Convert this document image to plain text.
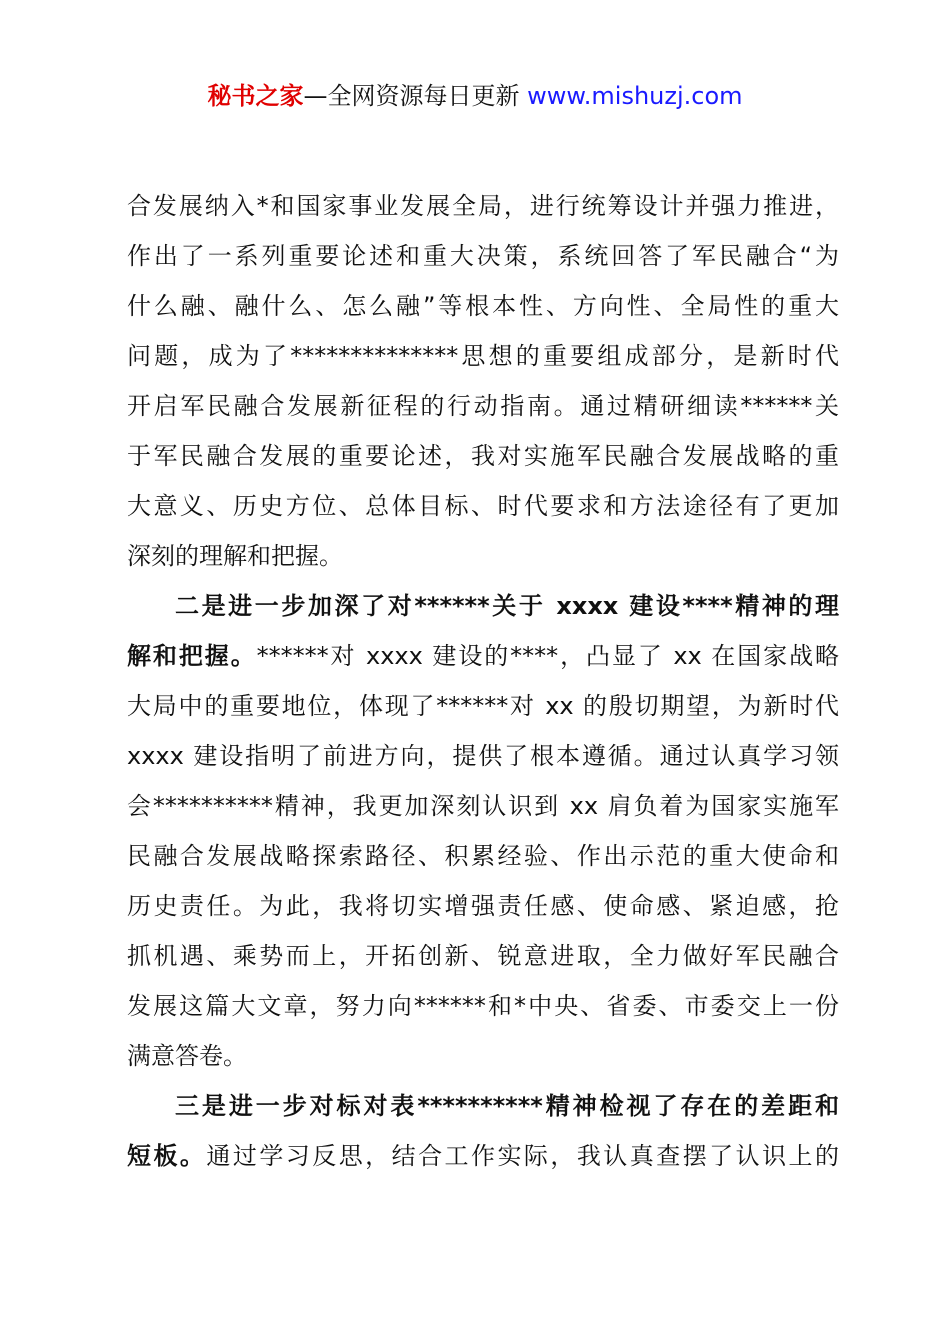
秘书之家—全网资源每日更新 www.mishuzj.com
合发展纳入*和国家事业发展全局，进行统筹设计并强力推进，
作出了一系列重要论述和重大决策，系统回答了军民融合“为
什么融、融什么、怎么融”等根本性、方向性、全局性的重大
问题，成为了**************思想的重要组成部分，是新时代
开启军民融合发展新征程的行动指南。通过精研细读******关
于军民融合发展的重要论述，我对实施军民融合发展战略的重
大意义、历史方位、总体目标、时代要求和方法途径有了更加
深刻的理解和把握。
二是进一步加深了对******关于 xxxx 建设****精神的理
解和把握。******对 xxxx 建设的****，凸显了 xx 在国家战略
大局中的重要地位，体现了******对 xx 的殷切期望，为新时代
xxxx 建设指明了前进方向，提供了根本遵循。通过认真学习领
会**********精神，我更加深刻认识到 xx 肩负着为国家实施军
民融合发展战略探索路径、积累经验、作出示范的重大使命和
历史责任。为此，我将切实增强责任感、使命感、紧迫感，抢
抓机遇、乘势而上，开拓创新、锐意进取，全力做好军民融合
发展这篇大文章，努力向******和*中央、省委、市委交上一份
满意答卷。
三是进一步对标对表**********精神检视了存在的差距和
短板。通过学习反思，结合工作实际，我认真查摆了认识上的
